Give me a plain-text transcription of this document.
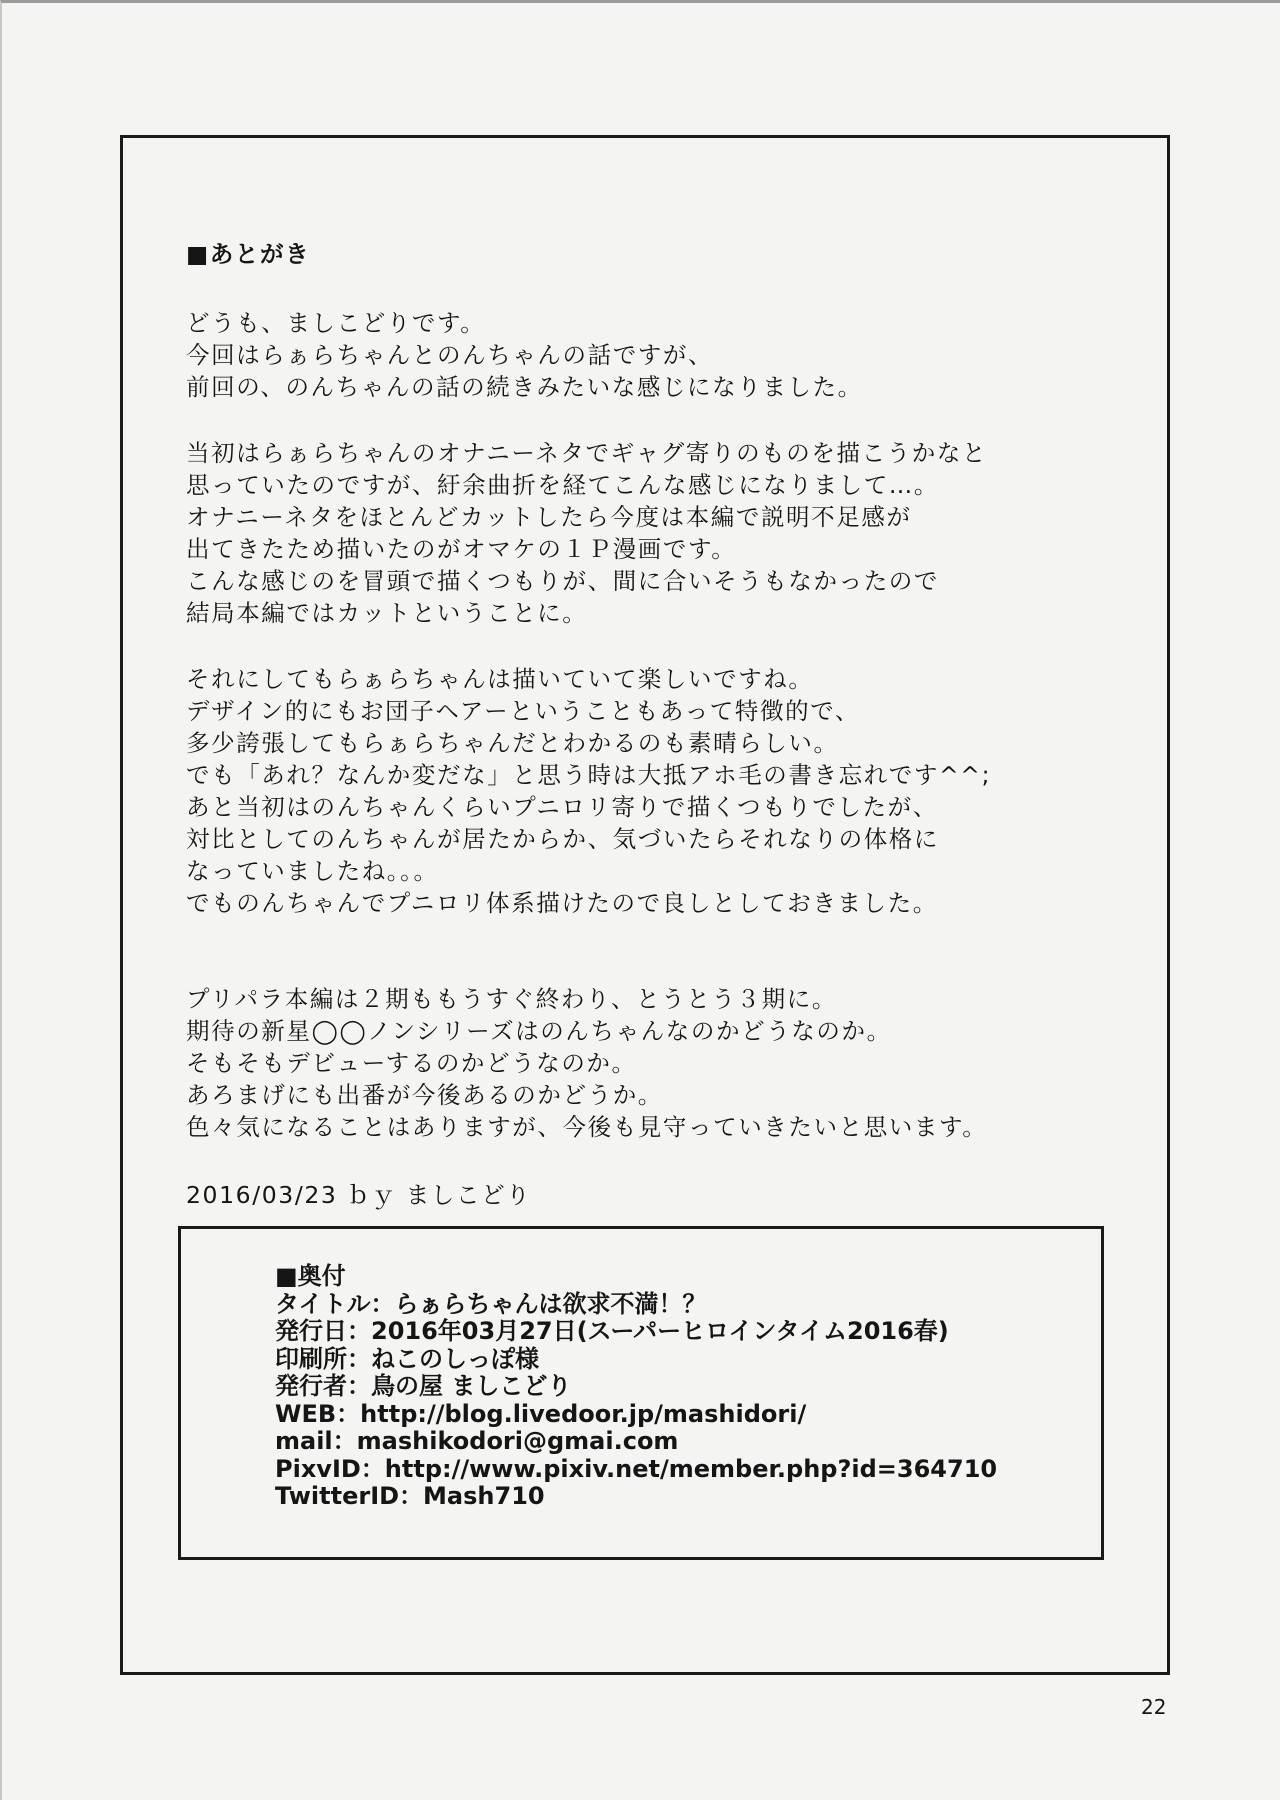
■あとがき
どうも、ましこどりです。
今回はらぁらちゃんとのんちゃんの話ですが、
前回の、のんちゃんの話の続きみたいな感じになりました。
当初はらぁらちゃんのオナニーネタでギャグ寄りのものを描こうかなと
思っていたのですが、紆余曲折を経てこんな感じになりまして…。
オナニーネタをほとんどカットしたら今度は本編で説明不足感が
出てきたため描いたのがオマケの１Ｐ漫画です。
こんな感じのを冒頭で描くつもりが、間に合いそうもなかったので
結局本編ではカットということに。
それにしてもらぁらちゃんは描いていて楽しいですね。
デザイン的にもお団子ヘアーということもあって特徴的で、
多少誇張してもらぁらちゃんだとわかるのも素晴らしい。
でも「あれ？なんか変だな」と思う時は大抵アホ毛の書き忘れです^^;
あと当初はのんちゃんくらいプニロリ寄りで描くつもりでしたが、
対比としてのんちゃんが居たからか、気づいたらそれなりの体格に
なっていましたね。。。
でものんちゃんでプニロリ体系描けたので良しとしておきました。
プリパラ本編は２期ももうすぐ終わり、とうとう３期に。
期待の新星◯◯ノンシリーズはのんちゃんなのかどうなのか。
そもそもデビューするのかどうなのか。
あろまげにも出番が今後あるのかどうか。
色々気になることはありますが、今後も見守っていきたいと思います。
2016/03/23 ｂｙ ましこどり
■奥付
タイトル：らぁらちゃんは欲求不満！？
発行日：2016年03月27日(スーパーヒロインタイム2016春)
印刷所：ねこのしっぽ様
発行者：鳥の屋 ましこどり
WEB：http://blog.livedoor.jp/mashidori/
mail：mashikodori@gmai.com
PixvID：http://www.pixiv.net/member.php?id=364710
TwitterID：Mash710
22
